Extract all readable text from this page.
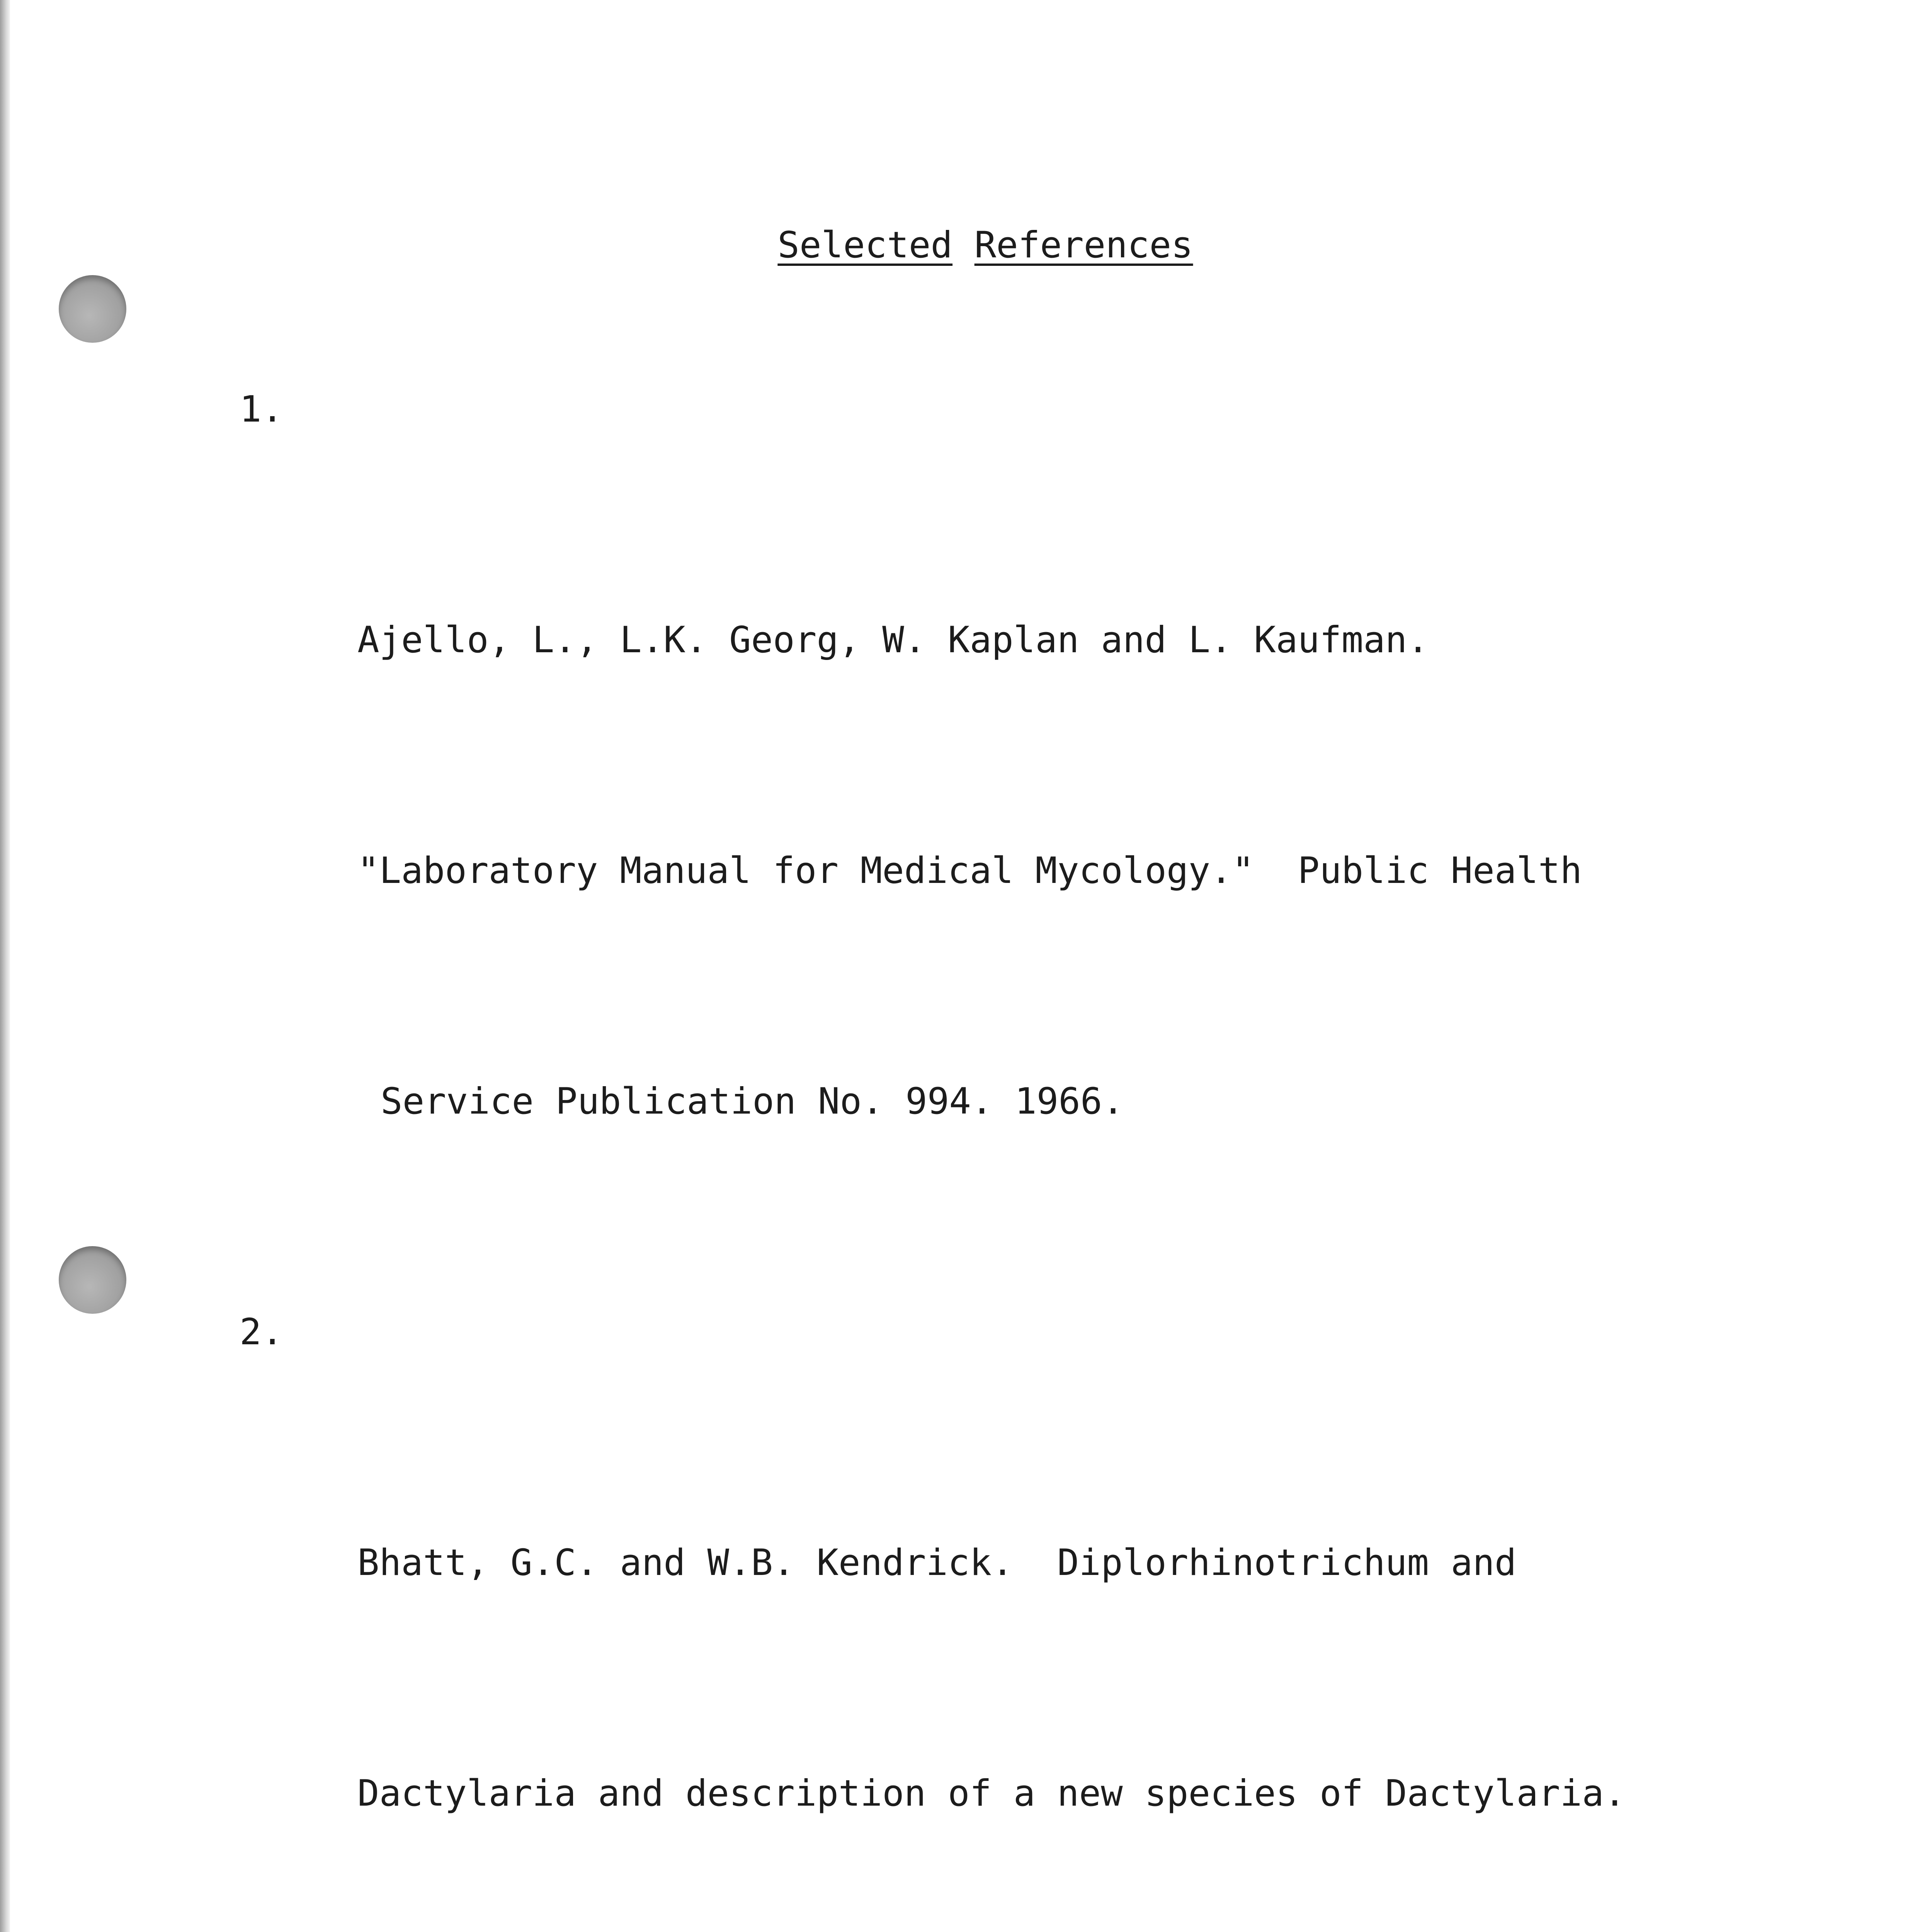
Selected References

1.

Ajello, L., L.K. Georg, W. Kaplan and L. Kaufman.

"Laboratory Manual for Medical Mycology."  Public Health

Service Publication No. 994. 1966.

2.

Bhatt, G.C. and W.B. Kendrick.  Diplorhinotrichum and

Dactylaria and description of a new species of Dactylaria.
